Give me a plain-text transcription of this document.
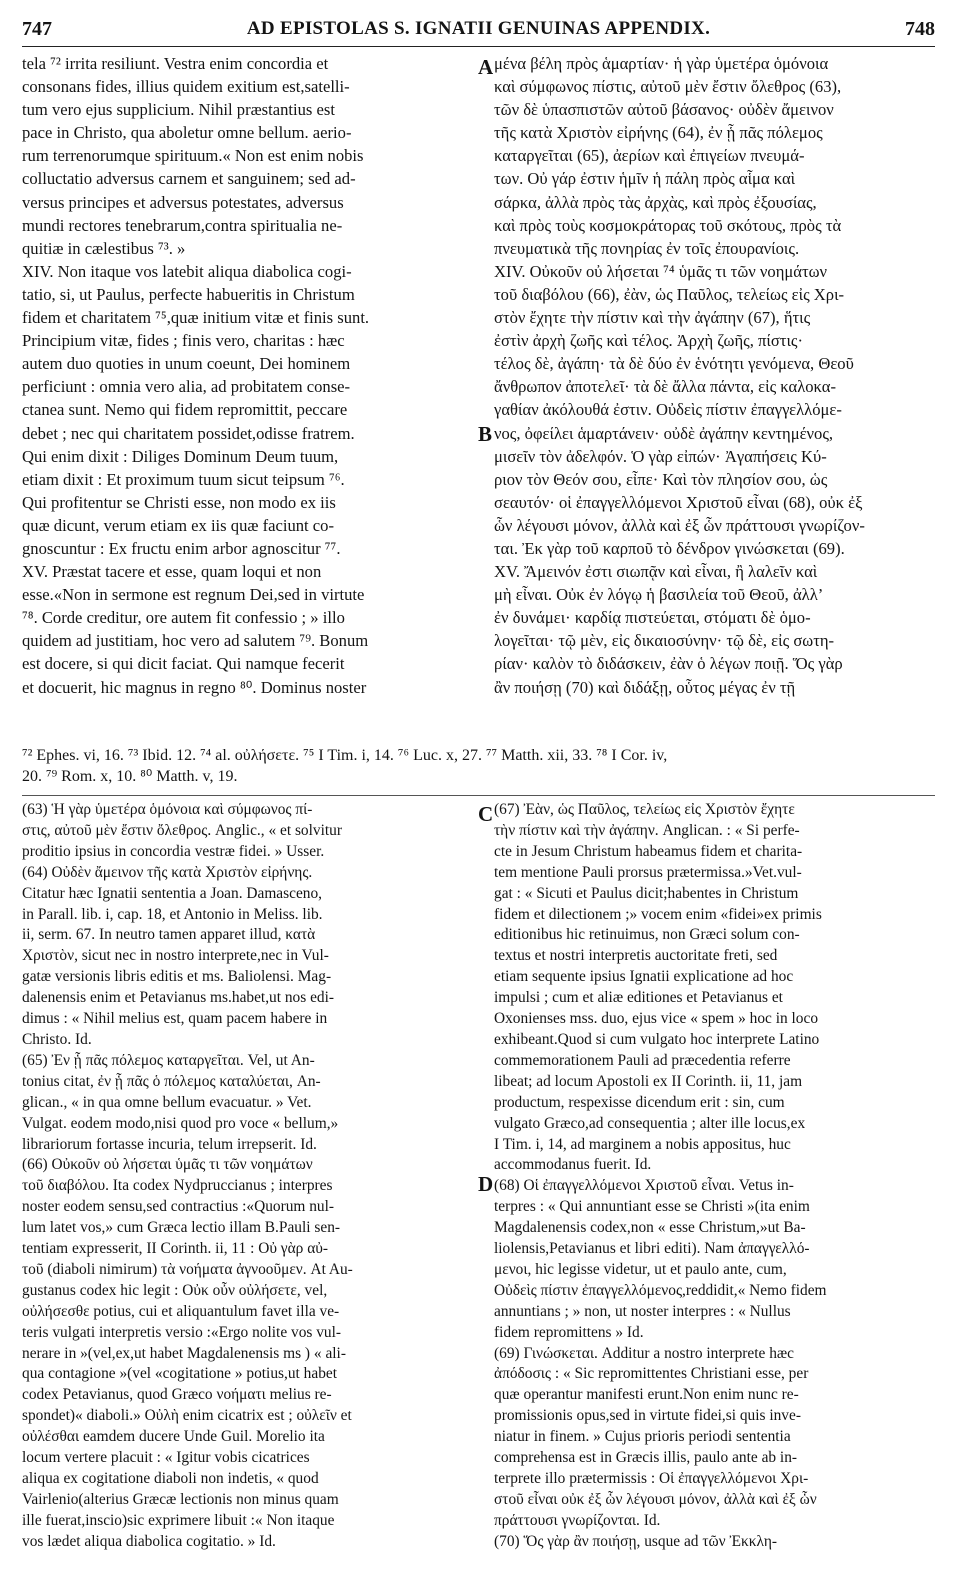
747	AD EPISTOLAS S. IGNATII GENUINAS APPENDIX.	748

tela ⁷² irrita resiliunt. Vestra enim concordia et

consonans fides, illius quidem exitium est,satelli-

tum vero ejus supplicium. Nihil præstantius est

pace in Christo, qua aboletur omne bellum. aerio-

rum terrenorumque spirituum.« Non est enim nobis

colluctatio adversus carnem et sanguinem; sed ad-

versus principes et adversus potestates, adversus

mundi rectores tenebrarum,contra spiritualia ne-

quitiæ in cælestibus ⁷³. »

XIV. Non itaque vos latebit aliqua diabolica cogi-

tatio, si, ut Paulus, perfecte habueritis in Christum

fidem et charitatem ⁷⁵,quæ initium vitæ et finis sunt.

Principium vitæ, fides ; finis vero, charitas : hæc

autem duo quoties in unum coeunt, Dei hominem

perficiunt : omnia vero alia, ad probitatem conse-

ctanea sunt. Nemo qui fidem repromittit, peccare

debet ; nec qui charitatem possidet,odisse fratrem.

Qui enim dixit : Diliges Dominum Deum tuum,

etiam dixit : Et proximum tuum sicut teipsum ⁷⁶.

Qui profitentur se Christi esse, non modo ex iis

quæ dicunt, verum etiam ex iis quæ faciunt co-

gnoscuntur : Ex fructu enim arbor agnoscitur ⁷⁷.

XV. Præstat tacere et esse, quam loqui et non

esse.«Non in sermone est regnum Dei,sed in virtute

⁷⁸. Corde creditur, ore autem fit confessio ; » illo

quidem ad justitiam, hoc vero ad salutem ⁷⁹. Bonum

est docere, si qui dicit faciat. Qui namque fecerit

et docuerit, hic magnus in regno ⁸⁰. Dominus noster

μένα βέλη πρὸς ἁμαρτίαν· ἡ γὰρ ὑμετέρα ὁμόνοια

καὶ σύμφωνος πίστις, αὐτοῦ μὲν ἔστιν ὄλεθρος (63),

τῶν δὲ ὑπασπιστῶν αὐτοῦ βάσανος· οὐδὲν ἄμεινον

τῆς κατὰ Χριστὸν εἰρήνης (64), ἐν ᾗ πᾶς πόλεμος

καταργεῖται (65), ἀερίων καὶ ἐπιγείων πνευμά-

των. Οὐ γάρ ἐστιν ἡμῖν ἡ πάλη πρὸς αἷμα καὶ

σάρκα, ἀλλὰ πρὸς τὰς ἀρχὰς, καὶ πρὸς ἐξουσίας,

καὶ πρὸς τοὺς κοσμοκράτορας τοῦ σκότους, πρὸς τὰ

πνευματικὰ τῆς πονηρίας ἐν τοῖς ἐπουρανίοις.

XIV. Οὐκοῦν οὐ λήσεται ⁷⁴ ὑμᾶς τι τῶν νοημάτων

τοῦ διαβόλου (66), ἐὰν, ὡς Παῦλος, τελείως εἰς Χρι-

στὸν ἔχητε τὴν πίστιν καὶ τὴν ἀγάπην (67), ἥτις

ἐστὶν ἀρχὴ ζωῆς καὶ τέλος. Ἀρχὴ ζωῆς, πίστις·

τέλος δὲ, ἀγάπη· τὰ δὲ δύο ἐν ἑνότητι γενόμενα, Θεοῦ

ἄνθρωπον ἀποτελεῖ· τὰ δὲ ἄλλα πάντα, εἰς καλοκα-

γαθίαν ἀκόλουθά ἐστιν. Οὐδεὶς πίστιν ἐπαγγελλόμε-

νος, ὀφείλει ἁμαρτάνειν· οὐδὲ ἀγάπην κεντημένος,

μισεῖν τὸν ἀδελφόν. Ὁ γὰρ εἰπών· Ἀγαπήσεις Κύ-

ριον τὸν Θεόν σου, εἶπε· Καὶ τὸν πλησίον σου, ὡς

σεαυτόν· οἱ ἐπαγγελλόμενοι Χριστοῦ εἶναι (68), οὐκ ἐξ

ὧν λέγουσι μόνον, ἀλλὰ καὶ ἐξ ὧν πράττουσι γνωρίζον-

ται. Ἐκ γὰρ τοῦ καρποῦ τὸ δένδρον γινώσκεται (69).

XV. Ἄμεινόν ἐστι σιωπᾷν καὶ εἶναι, ἢ λαλεῖν καὶ

μὴ εἶναι. Οὐκ ἐν λόγῳ ἡ βασιλεία τοῦ Θεοῦ, ἀλλ’

ἐν δυνάμει· καρδίᾳ πιστεύεται, στόματι δὲ ὁμο-

λογεῖται· τῷ μὲν, εἰς δικαιοσύνην· τῷ δὲ, εἰς σωτη-

ρίαν· καλὸν τὸ διδάσκειν, ἐὰν ὁ λέγων ποιῇ. Ὅς γὰρ

ἂν ποιήσῃ (70) καὶ διδάξῃ, οὗτος μέγας ἐν τῇ

A
B
C
D

⁷² Ephes. vi, 16. ⁷³ Ibid. 12. ⁷⁴ al. οὐλήσετε. ⁷⁵ I Tim. i, 14. ⁷⁶ Luc. x, 27. ⁷⁷ Matth. xii, 33. ⁷⁸ I Cor. iv,

20. ⁷⁹ Rom. x, 10. ⁸⁰ Matth. v, 19.

(63) Ἡ γὰρ ὑμετέρα ὁμόνοια καὶ σύμφωνος πί-

στις, αὐτοῦ μὲν ἔστιν ὄλεθρος. Anglic., « et solvitur

proditio ipsius in concordia vestræ fidei. » Usser.

(64) Οὐδὲν ἄμεινον τῆς κατὰ Χριστὸν εἰρήνης.

Citatur hæc Ignatii sententia a Joan. Damasceno,

in Parall. lib. i, cap. 18, et Antonio in Meliss. lib.

ii, serm. 67. In neutro tamen apparet illud, κατὰ

Χριστὸν, sicut nec in nostro interprete,nec in Vul-

gatæ versionis libris editis et ms. Baliolensi. Mag-

dalenensis enim et Petavianus ms.habet,ut nos edi-

dimus : « Nihil melius est, quam pacem habere in

Christo. Id.

(65) Ἐν ᾗ πᾶς πόλεμος καταργεῖται. Vel, ut An-

tonius citat, ἐν ᾗ πᾶς ὁ πόλεμος καταλύεται, An-

glican., « in qua omne bellum evacuatur. » Vet.

Vulgat. eodem modo,nisi quod pro voce « bellum,»

librariorum fortasse incuria, telum irrepserit. Id.

(66) Οὐκοῦν οὐ λήσεται ὑμᾶς τι τῶν νοημάτων

τοῦ διαβόλου. Ita codex Nydpruccianus ; interpres

noster eodem sensu,sed contractius :«Quorum nul-

lum latet vos,» cum Græca lectio illam B.Pauli sen-

tentiam expresserit, II Corinth. ii, 11 : Οὐ γὰρ αὐ-

τοῦ (diaboli nimirum) τὰ νοήματα ἀγνοοῦμεν. At Au-

gustanus codex hic legit : Οὐκ οὖν οὐλήσετε, vel,

οὐλήσεσθε potius, cui et aliquantulum favet illa ve-

teris vulgati interpretis versio :«Ergo nolite vos vul-

nerare in »(vel,ex,ut habet Magdalenensis ms ) « ali-

qua contagione »(vel «cogitatione » potius,ut habet

codex Petavianus, quod Græco νοήματι melius re-

spondet)« diaboli.» Οὐλὴ enim cicatrix est ; οὐλεῖν et

οὐλέσθαι eamdem ducere Unde Guil. Morelio ita

locum vertere placuit : « Igitur vobis cicatrices

aliqua ex cogitatione diaboli non indetis, « quod

Vairlenio(alterius Græcæ lectionis non minus quam

ille fuerat,inscio)sic exprimere libuit :« Non itaque

vos lædet aliqua diabolica cogitatio. » Id.

(67) Ἐὰν, ὡς Παῦλος, τελείως εἰς Χριστὸν ἔχητε

τὴν πίστιν καὶ τὴν ἀγάπην. Anglican. : « Si perfe-

cte in Jesum Christum habeamus fidem et charita-

tem mentione Pauli prorsus prætermissa.»Vet.vul-

gat : « Sicuti et Paulus dicit;habentes in Christum

fidem et dilectionem ;» vocem enim «fidei»ex primis

editionibus hic retinuimus, non Græci solum con-

textus et nostri interpretis auctoritate freti, sed

etiam sequente ipsius Ignatii explicatione ad hoc

impulsi ; cum et aliæ editiones et Petavianus et

Oxonienses mss. duo, ejus vice « spem » hoc in loco

exhibeant.Quod si cum vulgato hoc interprete Latino

commemorationem Pauli ad præcedentia referre

libeat; ad locum Apostoli ex II Corinth. ii, 11, jam

productum, respexisse dicendum erit : sin, cum

vulgato Græco,ad consequentia ; alter ille locus,ex

I Tim. i, 14, ad marginem a nobis appositus, huc

accommodanus fuerit. Id.

(68) Οἱ ἐπαγγελλόμενοι Χριστοῦ εἶναι. Vetus in-

terpres : « Qui annuntiant esse se Christi »(ita enim

Magdalenensis codex,non « esse Christum,»ut Ba-

liolensis,Petavianus et libri editi). Nam ἀπαγγελλό-

μενοι, hic legisse videtur, ut et paulo ante, cum,

Οὐδεὶς πίστιν ἐπαγγελλόμενος,reddidit,« Nemo fidem

annuntians ; » non, ut noster interpres : « Nullus

fidem repromittens » Id.

(69) Γινώσκεται. Additur a nostro interprete hæc

ἀπόδοσις : « Sic repromittentes Christiani esse, per

quæ operantur manifesti erunt.Non enim nunc re-

promissionis opus,sed in virtute fidei,si quis inve-

niatur in finem. » Cujus prioris periodi sententia

comprehensa est in Græcis illis, paulo ante ab in-

terprete illo prætermissis : Οἱ ἐπαγγελλόμενοι Χρι-

στοῦ εἶναι οὐκ ἐξ ὧν λέγουσι μόνον, ἀλλὰ καὶ ἐξ ὧν

πράττουσι γνωρίζονται. Id.

(70) Ὅς γὰρ ἂν ποιήσῃ, usque ad τῶν Ἐκκλη-
